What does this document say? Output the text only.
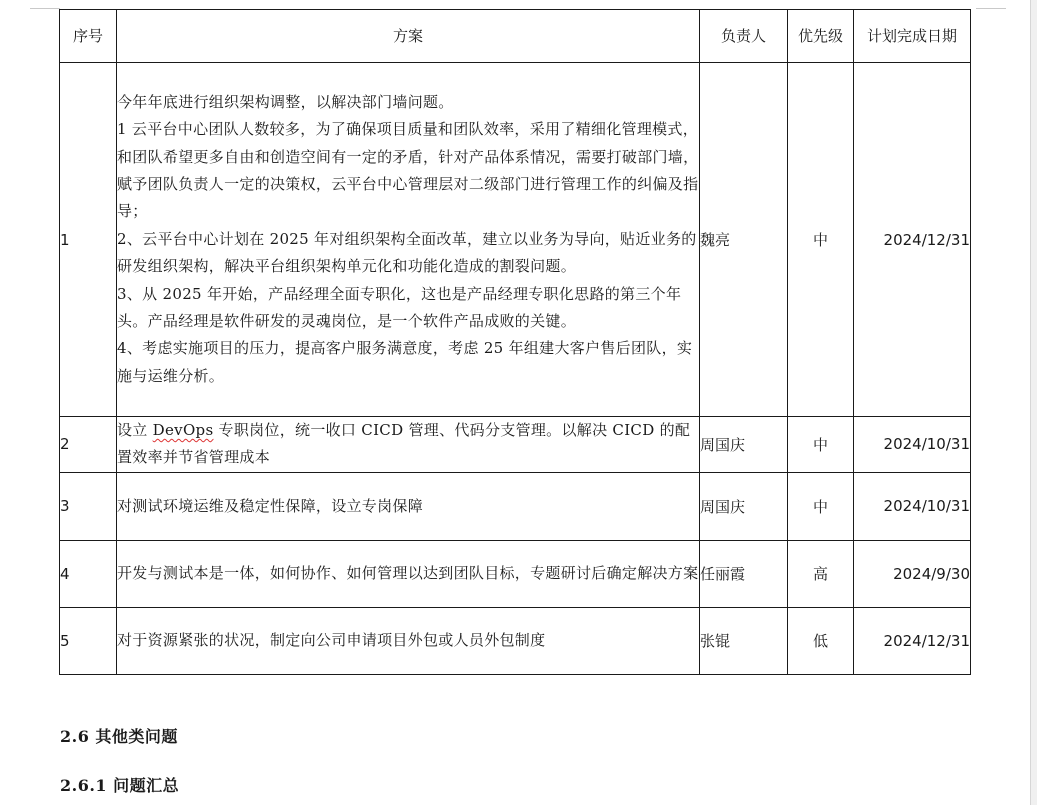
序号	方案	负责人	优先级	计划完成日期
1	今年年底进行组织架构调整，以解决部门墙问题。
1 云平台中心团队人数较多，为了确保项目质量和团队效率，采用了精细化管理模式，和团队希望更多自由和创造空间有一定的矛盾，针对产品体系情况，需要打破部门墙，赋予团队负责人一定的决策权，云平台中心管理层对二级部门进行管理工作的纠偏及指导；
2、云平台中心计划在 2025 年对组织架构全面改革，建立以业务为导向，贴近业务的研发组织架构，解决平台组织架构单元化和功能化造成的割裂问题。
3、从 2025 年开始，产品经理全面专职化，这也是产品经理专职化思路的第三个年头。产品经理是软件研发的灵魂岗位，是一个软件产品成败的关键。
4、考虑实施项目的压力，提高客户服务满意度，考虑 25 年组建大客户售后团队，实施与运维分析。	魏亮	中	2024/12/31
2	设立 DevOps 专职岗位，统一收口 CICD 管理、代码分支管理。以解决 CICD 的配置效率并节省管理成本	周国庆	中	2024/10/31
3	对测试环境运维及稳定性保障，设立专岗保障	周国庆	中	2024/10/31
4	开发与测试本是一体，如何协作、如何管理以达到团队目标，专题研讨后确定解决方案	任丽霞	高	2024/9/30
5	对于资源紧张的状况，制定向公司申请项目外包或人员外包制度	张锟	低	2024/12/31
2.6 其他类问题
2.6.1 问题汇总
